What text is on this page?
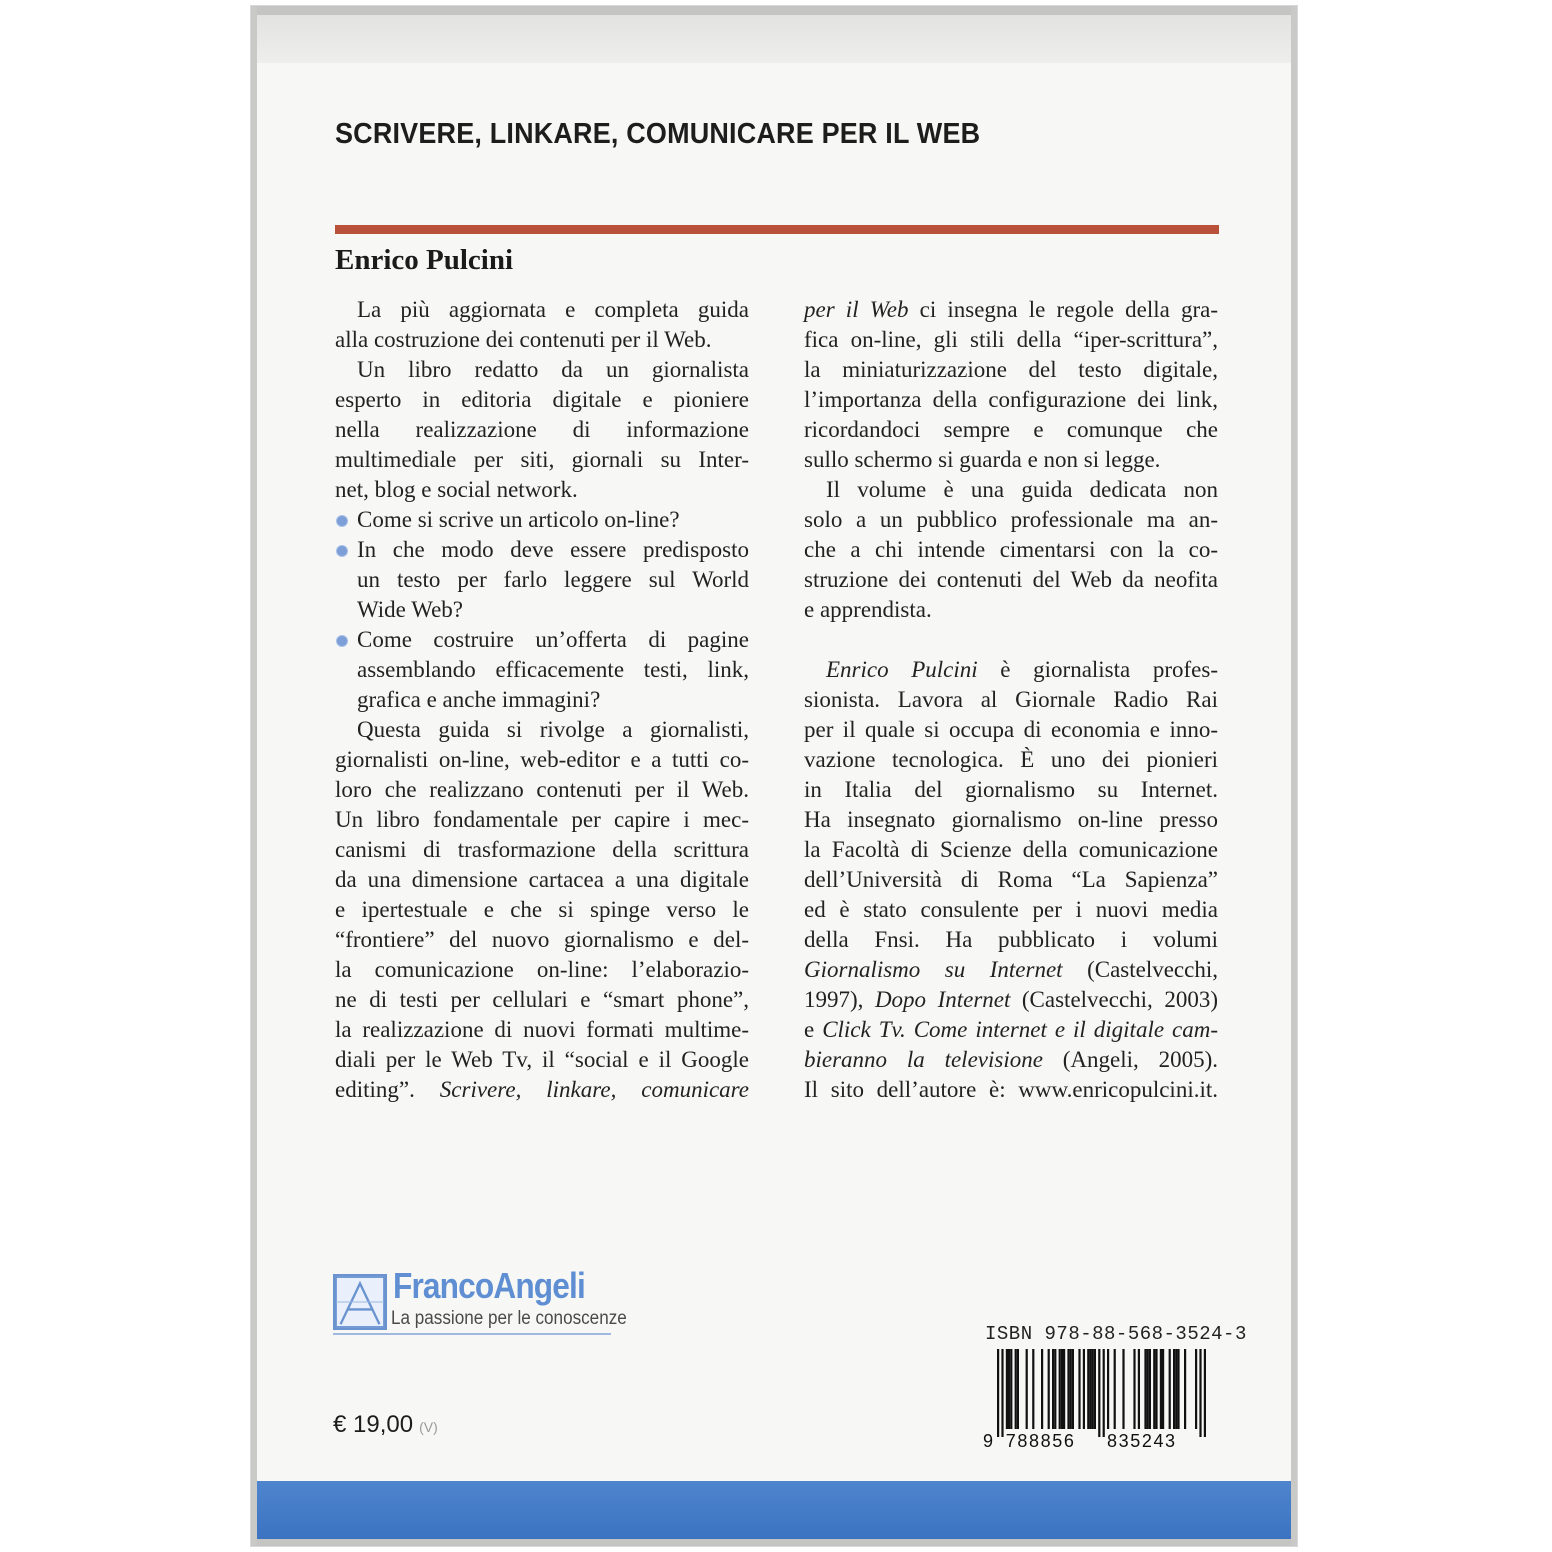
SCRIVERE, LINKARE, COMUNICARE PER IL WEB
Enrico Pulcini
La più aggiornata e completa guida
alla costruzione dei contenuti per il Web.
Un libro redatto da un giornalista
esperto in editoria digitale e pioniere
nella realizzazione di informazione
multimediale per siti, giornali su Inter-
net, blog e social network.
Come si scrive un articolo on-line?
In che modo deve essere predisposto
un testo per farlo leggere sul World
Wide Web?
Come costruire un’offerta di pagine
assemblando efficacemente testi, link,
grafica e anche immagini?
Questa guida si rivolge a giornalisti,
giornalisti on-line, web-editor e a tutti co-
loro che realizzano contenuti per il Web.
Un libro fondamentale per capire i mec-
canismi di trasformazione della scrittura
da una dimensione cartacea a una digitale
e ipertestuale e che si spinge verso le
“frontiere” del nuovo giornalismo e del-
la comunicazione on-line: l’elaborazio-
ne di testi per cellulari e “smart phone”,
la realizzazione di nuovi formati multime-
diali per le Web Tv, il “social e il Google
editing”. Scrivere, linkare, comunicare
per il Web ci insegna le regole della gra-
fica on-line, gli stili della “iper-scrittura”,
la miniaturizzazione del testo digitale,
l’importanza della configurazione dei link,
ricordandoci sempre e comunque che
sullo schermo si guarda e non si legge.
Il volume è una guida dedicata non
solo a un pubblico professionale ma an-
che a chi intende cimentarsi con la co-
struzione dei contenuti del Web da neofita
e apprendista.
Enrico Pulcini è giornalista profes-
sionista. Lavora al Giornale Radio Rai
per il quale si occupa di economia e inno-
vazione tecnologica. È uno dei pionieri
in Italia del giornalismo su Internet.
Ha insegnato giornalismo on-line presso
la Facoltà di Scienze della comunicazione
dell’Università di Roma “La Sapienza”
ed è stato consulente per i nuovi media
della Fnsi. Ha pubblicato i volumi
Giornalismo su Internet (Castelvecchi,
1997), Dopo Internet (Castelvecchi, 2003)
e Click Tv. Come internet e il digitale cam-
bieranno la televisione (Angeli, 2005).
Il sito dell’autore è: www.enricopulcini.it.

FrancoAngeli

La passione per le conoscenze

€ 19,00 (V)

ISBN 978-88-568-3524-3

9 788856 835243
